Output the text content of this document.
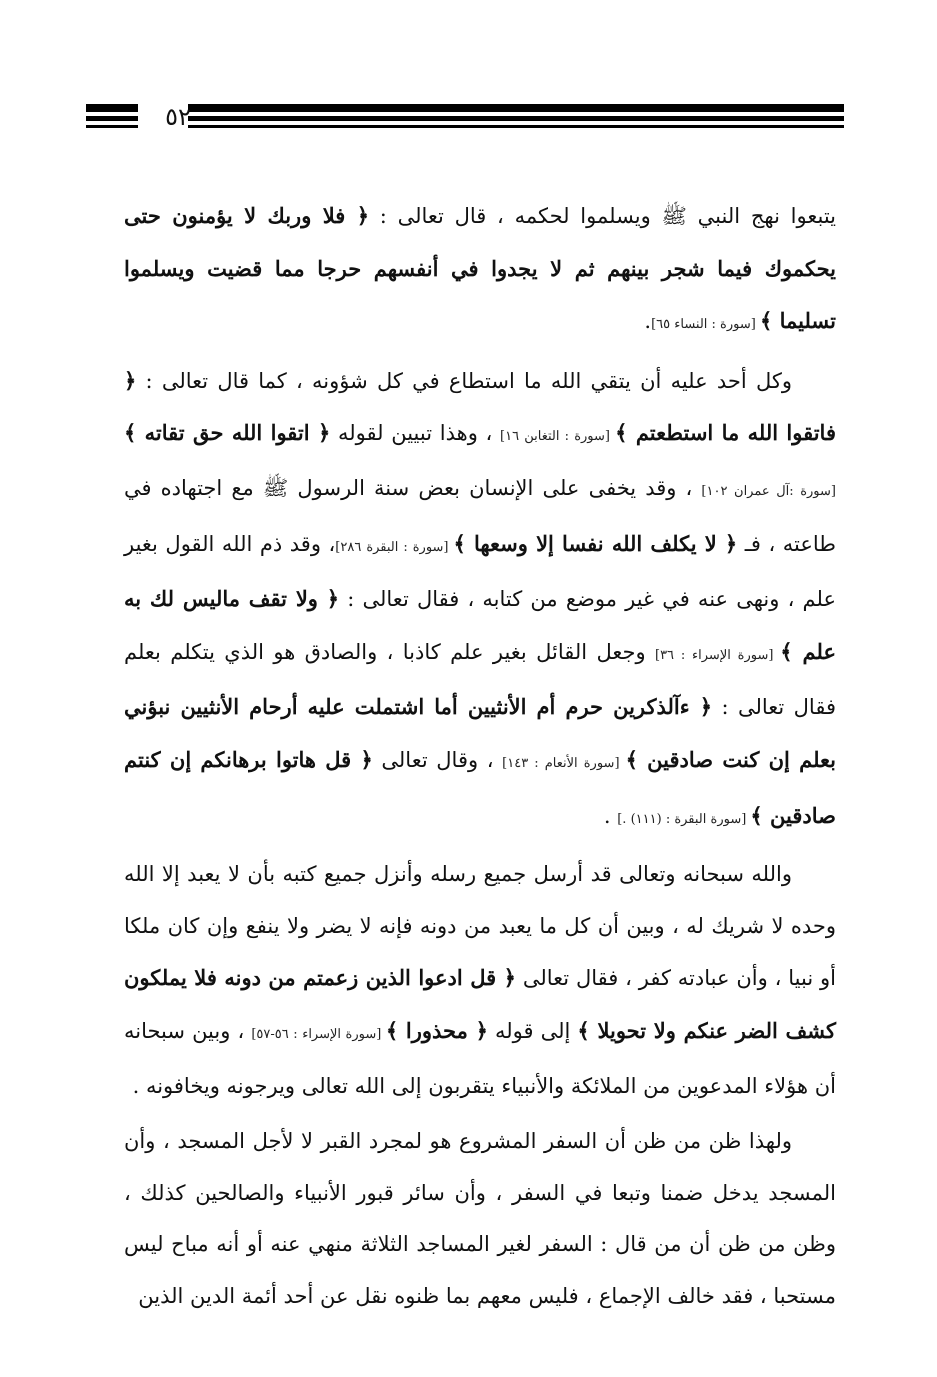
٥٢

يتبعوا نهج النبي ﷺ ويسلموا لحكمه ، قال تعالى : ﴿ فلا وربك لا يؤمنون حتى يحكموك فيما شجر بينهم ثم لا يجدوا في أنفسهم حرجا مما قضيت ويسلموا تسليما ﴾ [سورة : النساء ٦٥].

وكل أحد عليه أن يتقي الله ما استطاع في كل شؤونه ، كما قال تعالى : ﴿ فاتقوا الله ما استطعتم ﴾ [سورة : التغابن ١٦] ، وهذا تبيين لقوله ﴿ اتقوا الله حق تقاته ﴾ [سورة :آل عمران ١٠٢] ، وقد يخفى على الإنسان بعض سنة الرسول ﷺ مع اجتهاده في طاعته ، فـ ﴿ لا يكلف الله نفسا إلا وسعها ﴾ [سورة : البقرة ٢٨٦]، وقد ذم الله القول بغير علم ، ونهى عنه في غير موضع من كتابه ، فقال تعالى : ﴿ ولا تقف ماليس لك به علم ﴾ [سورة الإسراء : ٣٦] وجعل القائل بغير علم كاذبا ، والصادق هو الذي يتكلم بعلم فقال تعالى : ﴿ ءآلذكرين حرم أم الأنثيين أما اشتملت عليه أرحام الأنثيين نبؤني بعلم إن كنت صادقين ﴾ [سورة الأنعام : ١٤٣] ، وقال تعالى ﴿ قل هاتوا برهانكم إن كنتم صادقين ﴾ [سورة البقرة : (١١١) .] .

والله سبحانه وتعالى قد أرسل جميع رسله وأنزل جميع كتبه بأن لا يعبد إلا الله وحده لا شريك له ، وبين أن كل ما يعبد من دونه فإنه لا يضر ولا ينفع وإن كان ملكا أو نبيا ، وأن عبادته كفر ، فقال تعالى ﴿ قل ادعوا الذين زعمتم من دونه فلا يملكون كشف الضر عنكم ولا تحويلا ﴾ إلى قوله ﴿ محذورا ﴾ [سورة الإسراء : ٥٦-٥٧] ، وبين سبحانه أن هؤلاء المدعوين من الملائكة والأنبياء يتقربون إلى الله تعالى ويرجونه ويخافونه .

ولهذا ظن من ظن أن السفر المشروع هو لمجرد القبر لا لأجل المسجد ، وأن المسجد يدخل ضمنا وتبعا في السفر ، وأن سائر قبور الأنبياء والصالحين كذلك ، وظن من ظن أن من قال : السفر لغير المساجد الثلاثة منهي عنه أو أنه مباح ليس مستحبا ، فقد خالف الإجماع ، فليس معهم بما ظنوه نقل عن أحد أئمة الدين الذين
